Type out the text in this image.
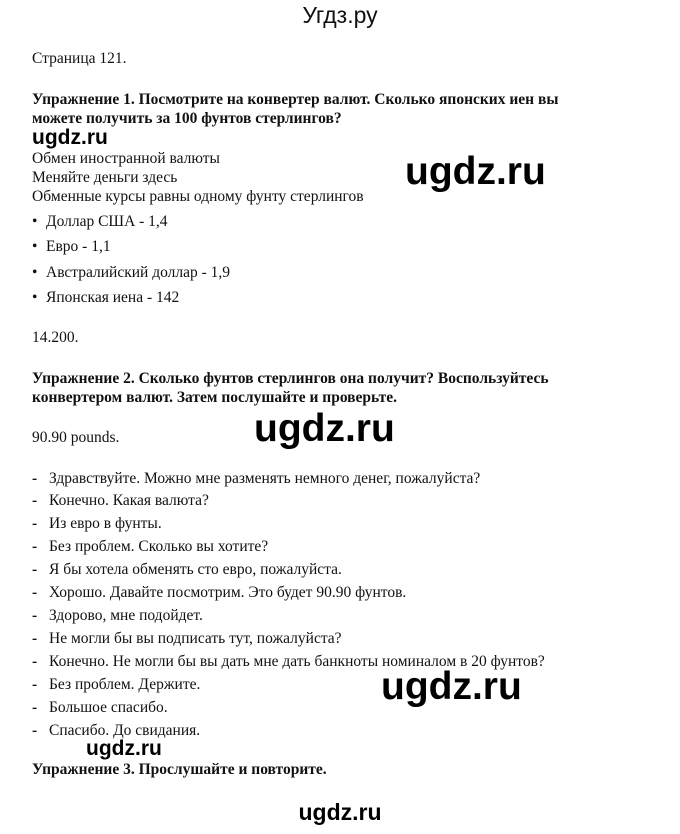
Угдз.ру
Страница 121.
Упражнение 1. Посмотрите на конвертер валют. Сколько японских иен вы
можете получить за 100 фунтов стерлингов?
ugdz.ru
Обмен иностранной валюты
Меняйте деньги здесь
Обменные курсы равны одному фунту стерлингов
ugdz.ru
• Доллар США - 1,4
• Евро - 1,1
• Австралийский доллар - 1,9
• Японская иена - 142
14.200.
Упражнение 2. Сколько фунтов стерлингов она получит? Воспользуйтесь
конвертером валют. Затем послушайте и проверьте.
90.90 pounds.	ugdz.ru
- Здравствуйте. Можно мне разменять немного денег, пожалуйста?
- Конечно. Какая валюта?
- Из евро в фунты.
- Без проблем. Сколько вы хотите?
- Я бы хотела обменять сто евро, пожалуйста.
- Хорошо. Давайте посмотрим. Это будет 90.90 фунтов.
- Здорово, мне подойдет.
- Не могли бы вы подписать тут, пожалуйста?
- Конечно. Не могли бы вы дать мне дать банкноты номиналом в 20 фунтов?
- Без проблем. Держите.
- Большое спасибо.
- Спасибо. До свидания.
ugdz.ru
ugdz.ru
Упражнение 3. Прослушайте и повторите.
ugdz.ru
